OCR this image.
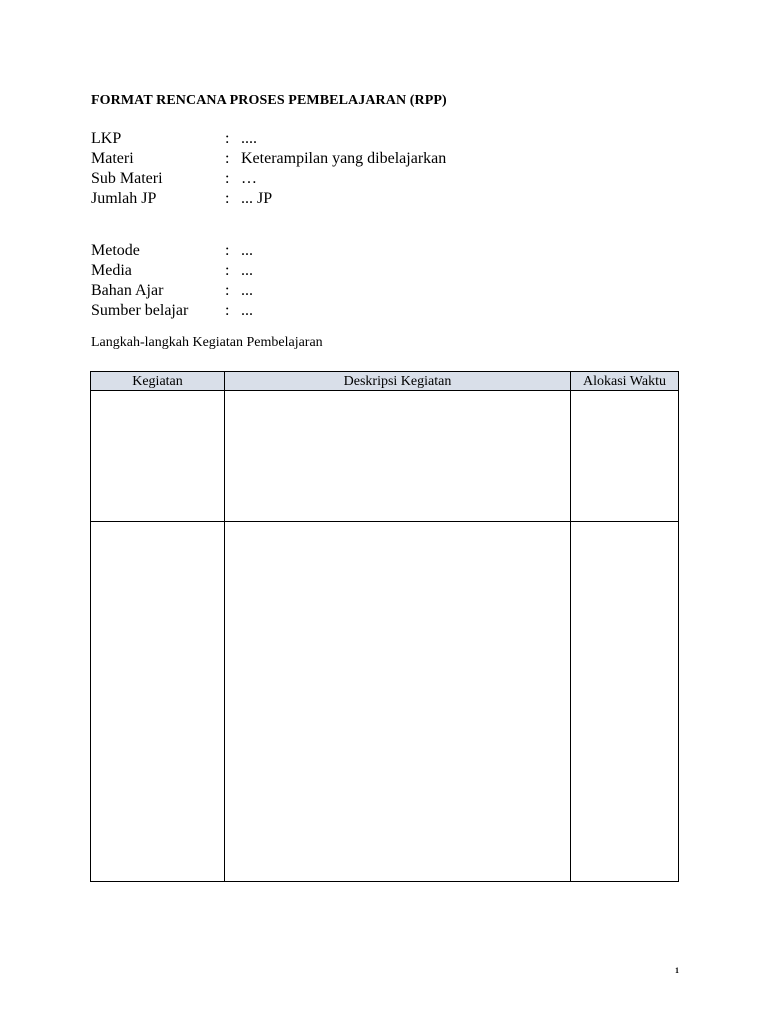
FORMAT RENCANA PROSES PEMBELAJARAN (RPP)
LKP	:	....
Materi	:	Keterampilan yang dibelajarkan
Sub Materi	:	…
Jumlah JP	:	... JP
Metode	:	...
Media	:	...
Bahan Ajar	:	...
Sumber belajar	:	...
Langkah-langkah Kegiatan Pembelajaran
Kegiatan	Deskripsi Kegiatan	Alokasi Waktu

1
